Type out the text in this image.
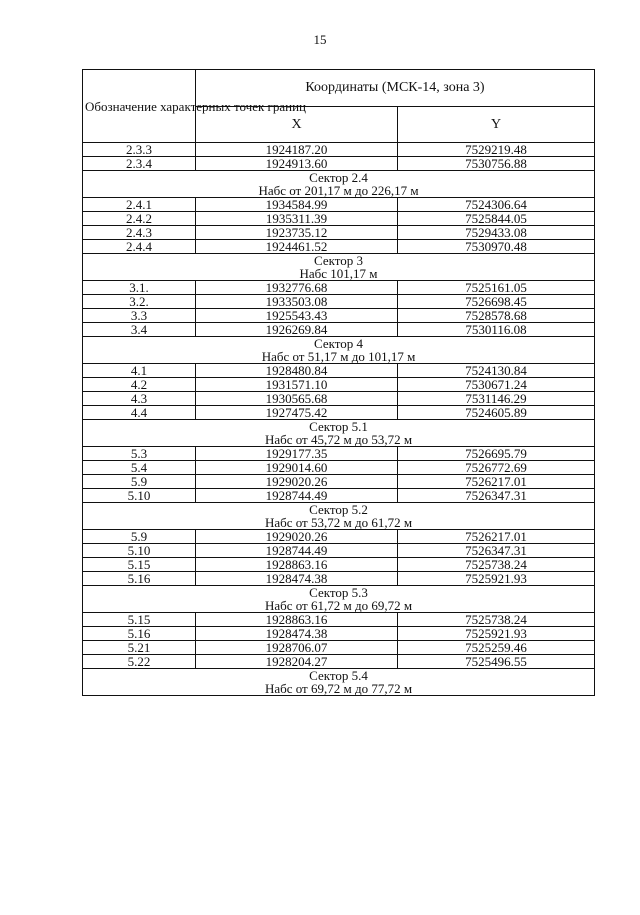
15
Обозначение характерных точек границ	Координаты (МСК-14, зона 3)	
	X	Y
2.3.3	1924187.20	7529219.48
2.3.4	1924913.60	7530756.88

Сектор 2.4
Набс от 201,17 м до 226,17 м		

2.4.1	1934584.99	7524306.64
2.4.2	1935311.39	7525844.05
2.4.3	1923735.12	7529433.08
2.4.4	1924461.52	7530970.48

Сектор 3
Набс 101,17 м		

3.1.	1932776.68	7525161.05
3.2.	1933503.08	7526698.45
3.3	1925543.43	7528578.68
3.4	1926269.84	7530116.08

Сектор 4
Набс от 51,17 м до 101,17 м		

4.1	1928480.84	7524130.84
4.2	1931571.10	7530671.24
4.3	1930565.68	7531146.29
4.4	1927475.42	7524605.89

Сектор 5.1
Набс от 45,72 м до 53,72 м		

5.3	1929177.35	7526695.79
5.4	1929014.60	7526772.69
5.9	1929020.26	7526217.01
5.10	1928744.49	7526347.31

Сектор 5.2
Набс от 53,72 м до 61,72 м		

5.9	1929020.26	7526217.01
5.10	1928744.49	7526347.31
5.15	1928863.16	7525738.24
5.16	1928474.38	7525921.93

Сектор 5.3
Набс от 61,72 м до 69,72 м		

5.15	1928863.16	7525738.24
5.16	1928474.38	7525921.93
5.21	1928706.07	7525259.46
5.22	1928204.27	7525496.55

Сектор 5.4
Набс от 69,72 м до 77,72 м		
